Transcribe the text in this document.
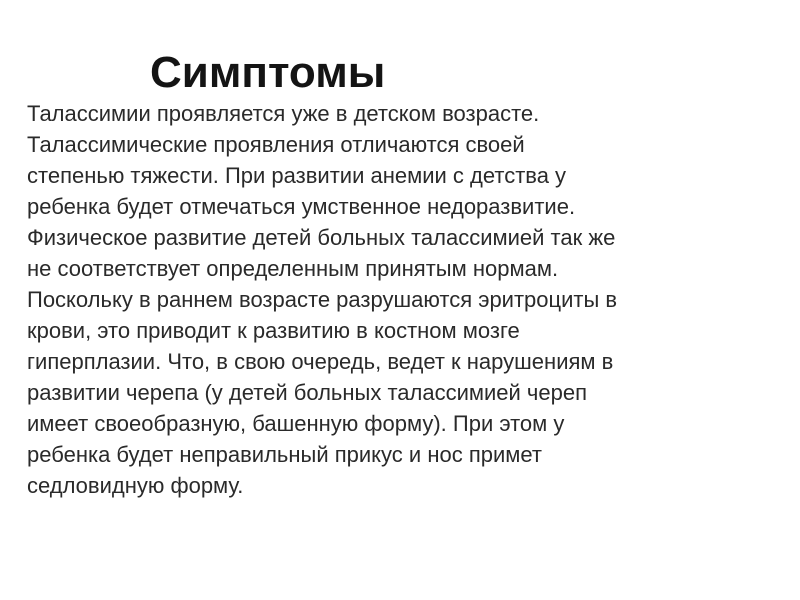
Симптомы
Талассимии проявляется уже в детском возрасте.
Талассимические проявления отличаются своей
степенью тяжести. При развитии анемии с детства у
ребенка будет отмечаться умственное недоразвитие.
Физическое развитие детей больных талассимией так же
не соответствует определенным принятым нормам.
Поскольку в раннем возрасте разрушаются эритроциты в
крови, это приводит к развитию в костном мозге
гиперплазии. Что, в свою очередь, ведет к нарушениям в
развитии черепа (у детей больных талассимией череп
имеет своеобразную, башенную форму). При этом у
ребенка будет неправильный прикус и нос примет
седловидную форму.
